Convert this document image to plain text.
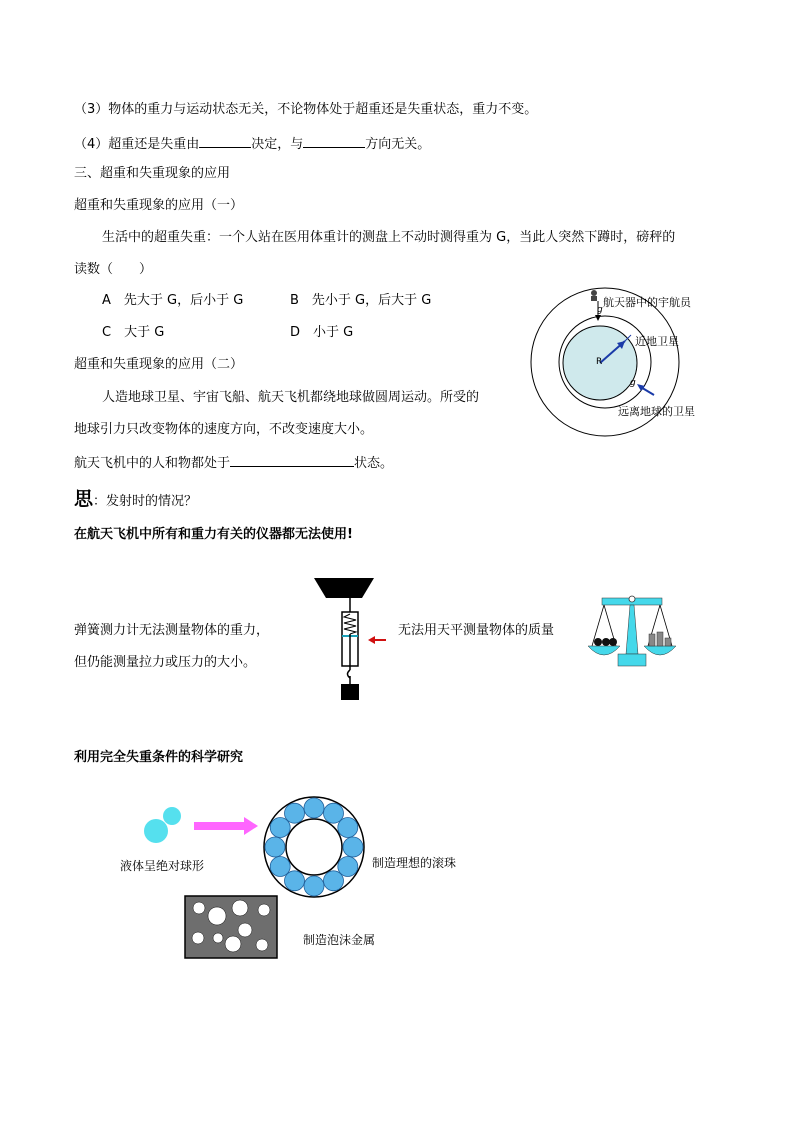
（3）物体的重力与运动状态无关，不论物体处于超重还是失重状态，重力不变。
（4）超重还是失重由	决定，与	方向无关。
三、超重和失重现象的应用
超重和失重现象的应用（一）
生活中的超重失重：一个人站在医用体重计的测盘上不动时测得重为 G，当此人突然下蹲时，磅秤的
读数（　　）
A　先大于 G，后小于 G	B　先小于 G，后大于 G
C　大于 G	D　小于 G
超重和失重现象的应用（二）
人造地球卫星、宇宙飞船、航天飞机都绕地球做圆周运动。所受的
地球引力只改变物体的速度方向，不改变速度大小。
航天飞机中的人和物都处于	状态。
航天器中的宇航员
近地卫星
远离地球的卫星
R
g
g
思：发射时的情况？
在航天飞机中所有和重力有关的仪器都无法使用!
弹簧测力计无法测量物体的重力，
但仍能测量拉力或压力的大小。
无法用天平测量物体的质量
利用完全失重条件的科学研究
液体呈绝对球形	制造理想的滚珠
制造泡沫金属
